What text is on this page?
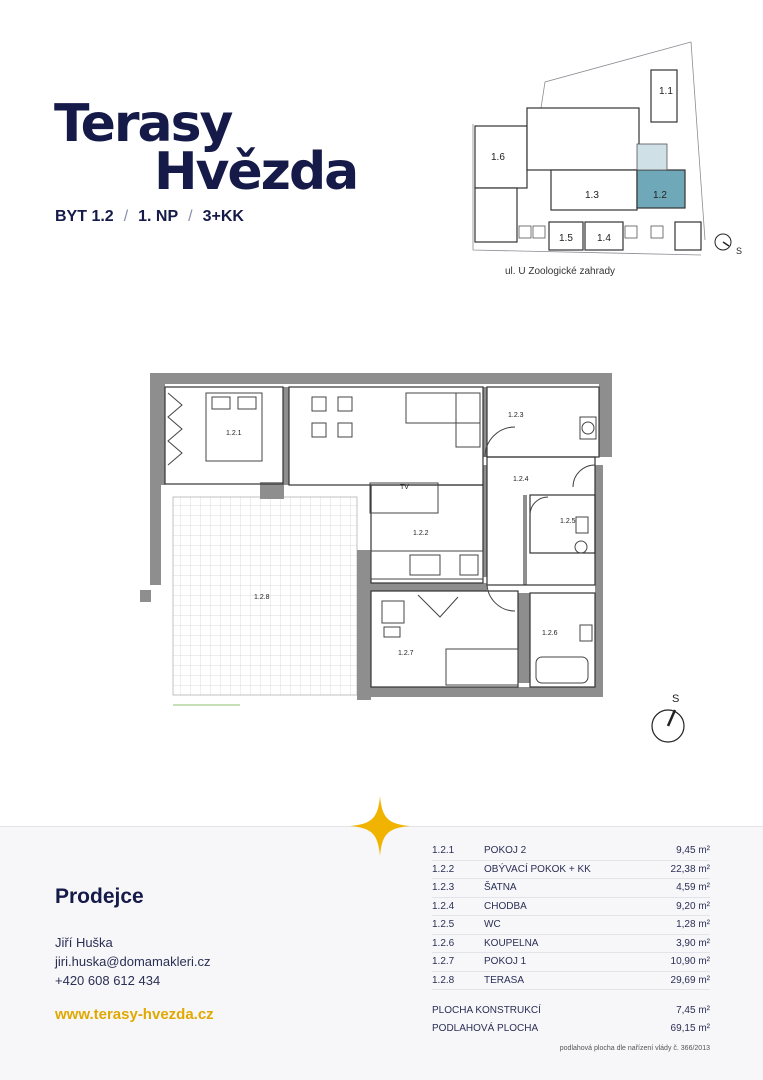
Terasy
Hvězda
BYT 1.2 / 1. NP / 3+KK
1.1
1.6
1.3	1.2
1.5 1.4
S
ul. U Zoologické zahrady
1.2.1
1.2.2
1.2.3
1.2.4
1.2.5
1.2.6
1.2.7
1.2.8
TV
S
Prodejce
Jiří Huška
jiri.huska@domamakleri.cz
+420 608 612 434
www.terasy-hvezda.cz
1.2.1	POKOJ 2	9,45 m²
1.2.2	OBÝVACÍ POKOK + KK	22,38 m²
1.2.3	ŠATNA	4,59 m²
1.2.4	CHODBA	9,20 m²
1.2.5	WC	1,28 m²
1.2.6	KOUPELNA	3,90 m²
1.2.7	POKOJ 1	10,90 m²
1.2.8	TERASA	29,69 m²
PLOCHA KONSTRUKCÍ	7,45 m²
PODLAHOVÁ PLOCHA	69,15 m²
podlahová plocha dle nařízení vlády č. 366/2013
